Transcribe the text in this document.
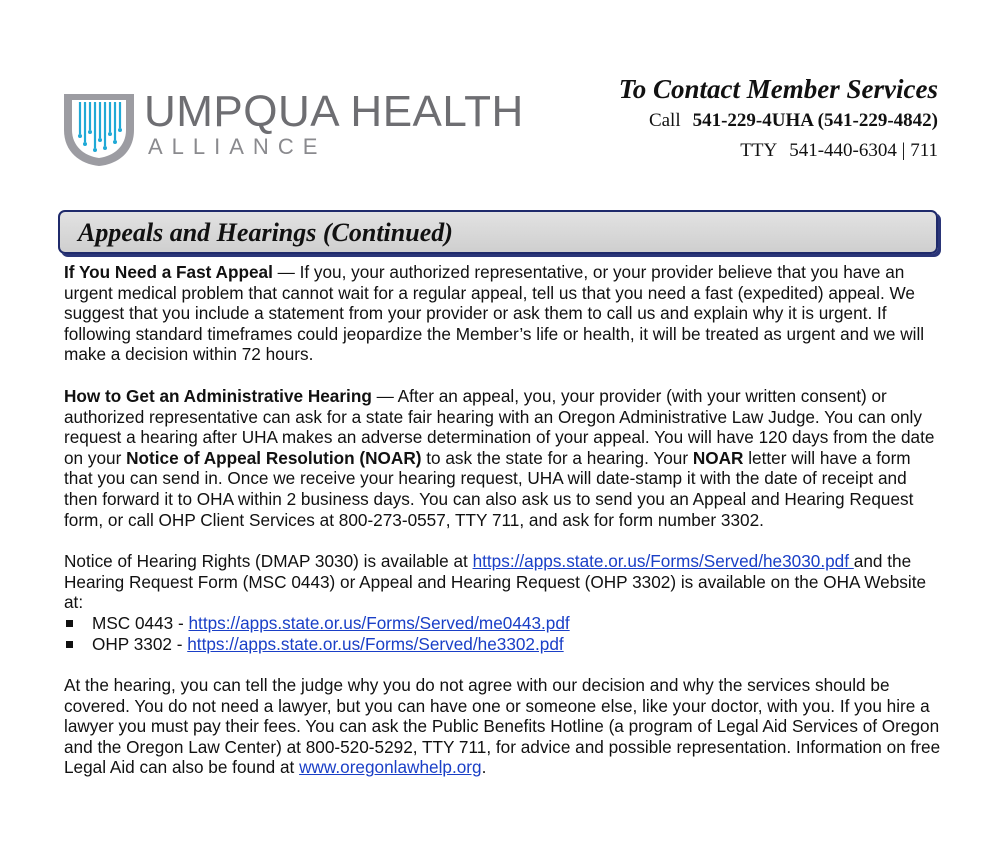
UMPQUA HEALTH
ALLIANCE
To Contact Member Services
Call 541-229-4UHA (541-229-4842)
TTY 541-440-6304 | 711
Appeals and Hearings (Continued)

If You Need a Fast Appeal — If you, your authorized representative, or your provider believe that you have an urgent medical problem that cannot wait for a regular appeal, tell us that you need a fast (expedited) appeal. We suggest that you include a statement from your provider or ask them to call us and explain why it is urgent. If following standard timeframes could jeopardize the Member’s life or health, it will be treated as urgent and we will make a decision within 72 hours.

How to Get an Administrative Hearing — After an appeal, you, your provider (with your written consent) or authorized representative can ask for a state fair hearing with an Oregon Administrative Law Judge. You can only request a hearing after UHA makes an adverse determination of your appeal. You will have 120 days from the date on your Notice of Appeal Resolution (NOAR) to ask the state for a hearing. Your NOAR letter will have a form that you can send in. Once we receive your hearing request, UHA will date-stamp it with the date of receipt and then forward it to OHA within 2 business days. You can also ask us to send you an Appeal and Hearing Request form, or call OHP Client Services at 800-273-0557, TTY 711, and ask for form number 3302.

Notice of Hearing Rights (DMAP 3030) is available at https://apps.state.or.us/Forms/Served/he3030.pdf and the Hearing Request Form (MSC 0443) or Appeal and Hearing Request (OHP 3302) is available on the OHA Website at:

MSC 0443 - https://apps.state.or.us/Forms/Served/me0443.pdf
OHP 3302 - https://apps.state.or.us/Forms/Served/he3302.pdf

At the hearing, you can tell the judge why you do not agree with our decision and why the services should be covered. You do not need a lawyer, but you can have one or someone else, like your doctor, with you. If you hire a lawyer you must pay their fees. You can ask the Public Benefits Hotline (a program of Legal Aid Services of Oregon and the Oregon Law Center) at 800-520-5292, TTY 711, for advice and possible representation. Information on free Legal Aid can also be found at www.oregonlawhelp.org.
